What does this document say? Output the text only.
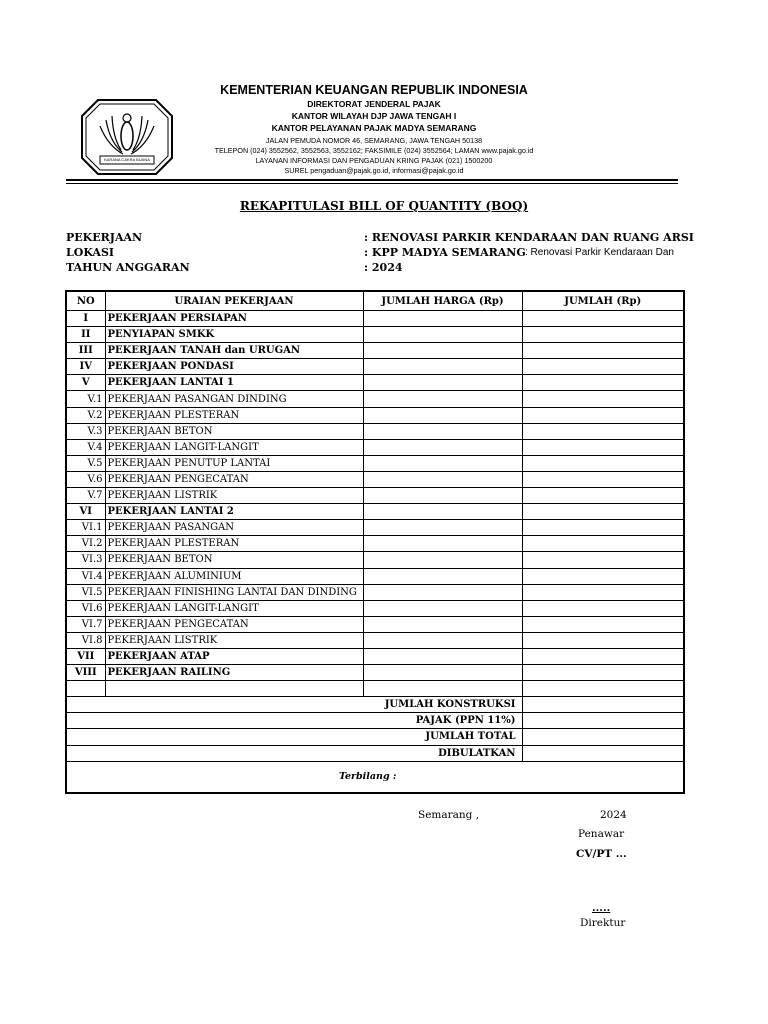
KARANA CAKRA BUANA
KEMENTERIAN KEUANGAN REPUBLIK INDONESIA
DIREKTORAT JENDERAL PAJAK
KANTOR WILAYAH DJP JAWA TENGAH I
KANTOR PELAYANAN PAJAK MADYA SEMARANG
JALAN PEMUDA NOMOR 46, SEMARANG, JAWA TENGAH 50138
TELEPON (024) 3552562, 3552563, 3552162; FAKSIMILE (024) 3552564; LAMAN www.pajak.go.id
LAYANAN INFORMASI DAN PENGADUAN KRING PAJAK (021) 1500200
SUREL pengaduan@pajak.go.id, informasi@pajak.go.id
REKAPITULASI BILL OF QUANTITY (BOQ)
PEKERJAAN	: RENOVASI PARKIR KENDARAAN DAN RUANG ARSI
LOKASI	: KPP MADYA SEMARANG : Renovasi Parkir Kendaraan Dan
TAHUN ANGGARAN	: 2024
NO	URAIAN PEKERJAAN	JUMLAH HARGA (Rp)	JUMLAH (Rp)
I	PEKERJAAN PERSIAPAN		
II	PENYIAPAN SMKK		
III	PEKERJAAN TANAH dan URUGAN		
IV	PEKERJAAN PONDASI		
V	PEKERJAAN LANTAI 1		
V.1	PEKERJAAN PASANGAN DINDING		
V.2	PEKERJAAN PLESTERAN		
V.3	PEKERJAAN BETON		
V.4	PEKERJAAN LANGIT-LANGIT		
V.5	PEKERJAAN PENUTUP LANTAI		
V.6	PEKERJAAN PENGECATAN		
V.7	PEKERJAAN LISTRIK		
VI	PEKERJAAN LANTAI 2		
VI.1	PEKERJAAN PASANGAN		
VI.2	PEKERJAAN PLESTERAN		
VI.3	PEKERJAAN BETON		
VI.4	PEKERJAAN ALUMINIUM		
VI.5	PEKERJAAN FINISHING LANTAI DAN DINDING		
VI.6	PEKERJAAN LANGIT-LANGIT		
VI.7	PEKERJAAN PENGECATAN		
VI.8	PEKERJAAN LISTRIK		
VII	PEKERJAAN ATAP		
VIII	PEKERJAAN RAILING		

JUMLAH KONSTRUKSI			
PAJAK (PPN 11%)			
JUMLAH TOTAL			
DIBULATKAN			
Terbilang :			
Semarang ,	2024
Penawar
CV/PT ...
.....
Direktur
